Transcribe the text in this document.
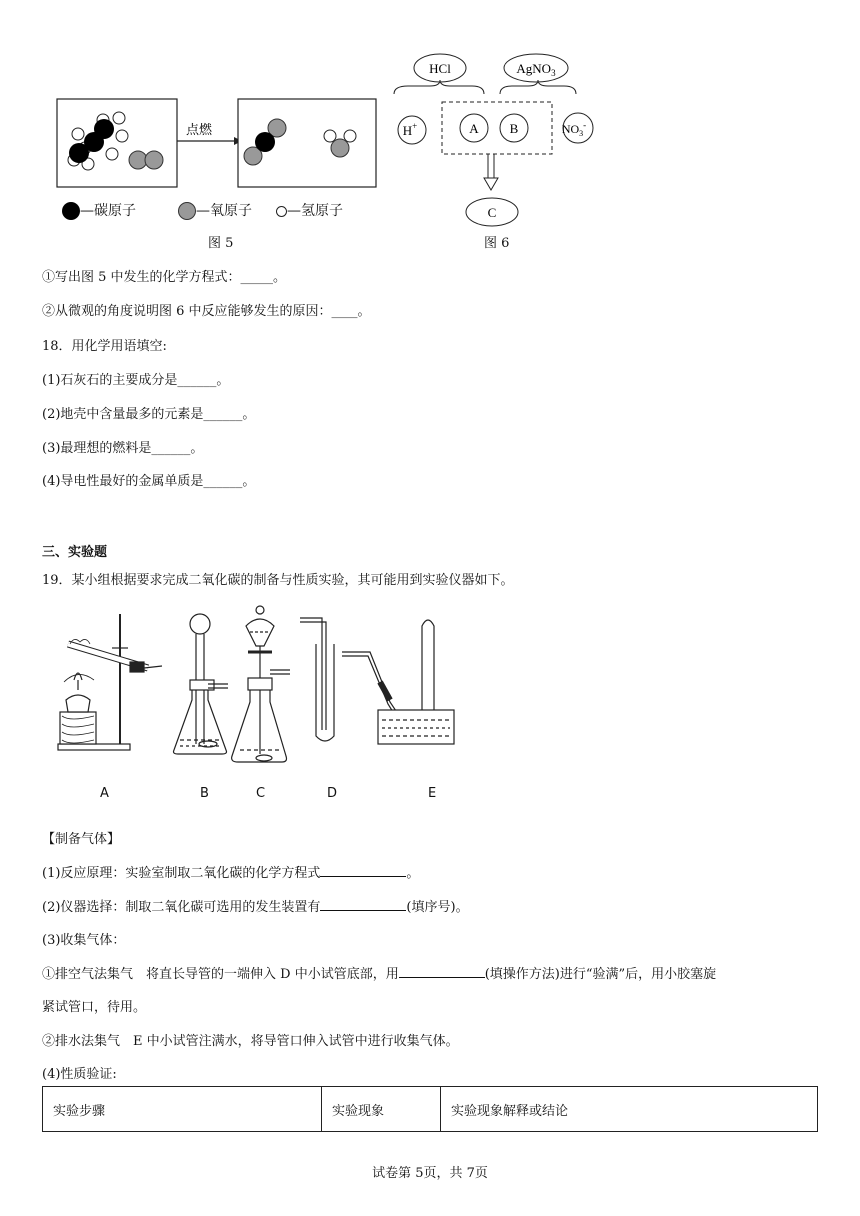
点燃
—碳原子	—氧原子	—氢原子
图 5
HCl	AgNO$_3$
H+	A B	$NO_3^-$
C
图 6
①写出图 5 中发生的化学方程式：_____。
②从微观的角度说明图 6 中反应能够发生的原因：____。
18．用化学用语填空:
(1)石灰石的主要成分是______。
(2)地壳中含量最多的元素是______。
(3)最理想的燃料是______。
(4)导电性最好的金属单质是______。
三、实验题
19．某小组根据要求完成二氧化碳的制备与性质实验，其可能用到实验仪器如下。
A	B	C	D	E
【制备气体】
(1)反应原理：实验室制取二氧化碳的化学方程式	。
(2)仪器选择：制取二氧化碳可选用的发生装置有	(填序号)。
(3)收集气体：
①排空气法集气　将直长导管的一端伸入 D 中小试管底部，用	(填操作方法)进行“验满”后，用小胶塞旋
紧试管口，待用。
②排水法集气　E 中小试管注满水，将导管口伸入试管中进行收集气体。
(4)性质验证:
实验步骤	实验现象	实验现象解释或结论
试卷第 5页，共 7页
